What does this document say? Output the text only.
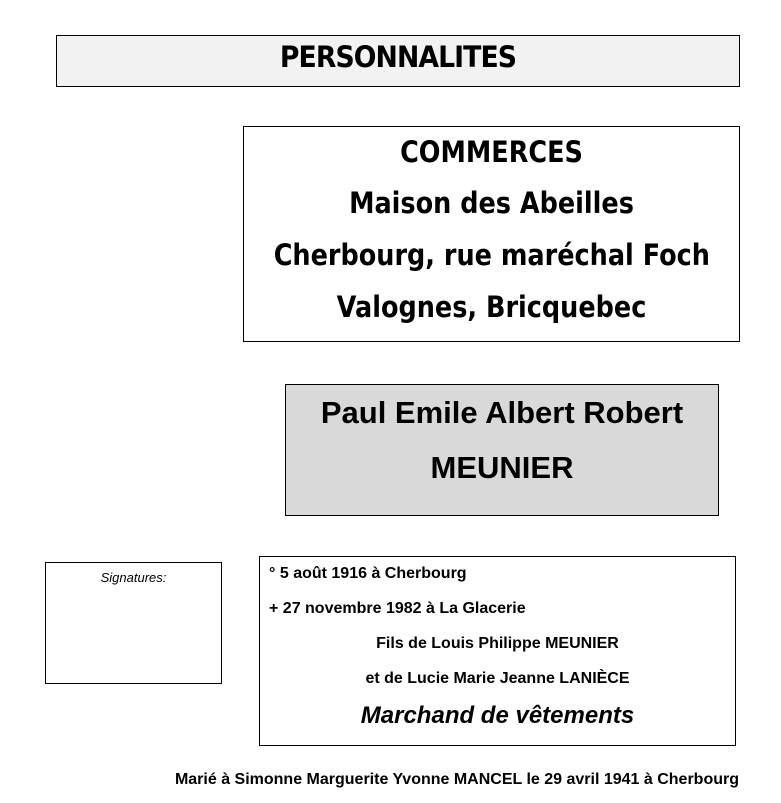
PERSONNALITES
COMMERCES
Maison des Abeilles
Cherbourg, rue maréchal Foch
Valognes, Bricquebec
Paul Emile Albert Robert
MEUNIER
Signatures:	° 5 août 1916 à Cherbourg
+ 27 novembre 1982 à La Glacerie
Fils de Louis Philippe MEUNIER
et de Lucie Marie Jeanne LANIÈCE
Marchand de vêtements
Marié à Simonne Marguerite Yvonne MANCEL le 29 avril 1941 à Cherbourg
